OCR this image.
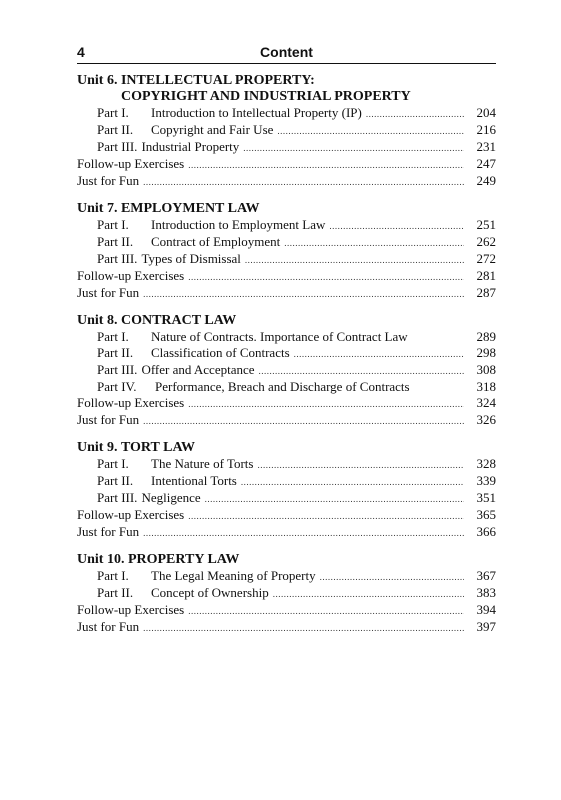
4	Content
Unit 6.
INTELLECTUAL PROPERTY:
COPYRIGHT AND INDUSTRIAL PROPERTY
Part I.	Introduction to Intellectual Property (IP) .....	204
Part II.	Copyright and Fair Use .....	216
Part III. Industrial Property .....	231
Follow-up Exercises .....	247
Just for Fun .....	249
Unit 7.
EMPLOYMENT LAW
Part I.	Introduction to Employment Law .....	251
Part II.	Contract of Employment .....	262
Part III. Types of Dismissal .....	272
Follow-up Exercises .....	281
Just for Fun .....	287
Unit 8.
CONTRACT LAW
Part I.	Nature of Contracts. Importance of Contract Law	289
Part II.	Classification of Contracts .....	298
Part III. Offer and Acceptance .....	308
Part IV.	Performance, Breach and Discharge of Contracts	318
Follow-up Exercises .....	324
Just for Fun .....	326
Unit 9.
TORT LAW
Part I.	The Nature of Torts .....	328
Part II.	Intentional Torts .....	339
Part III. Negligence .....	351
Follow-up Exercises .....	365
Just for Fun .....	366
Unit 10.
PROPERTY LAW
Part I.	The Legal Meaning of Property .....	367
Part II.	Concept of Ownership .....	383
Follow-up Exercises .....	394
Just for Fun .....	397
